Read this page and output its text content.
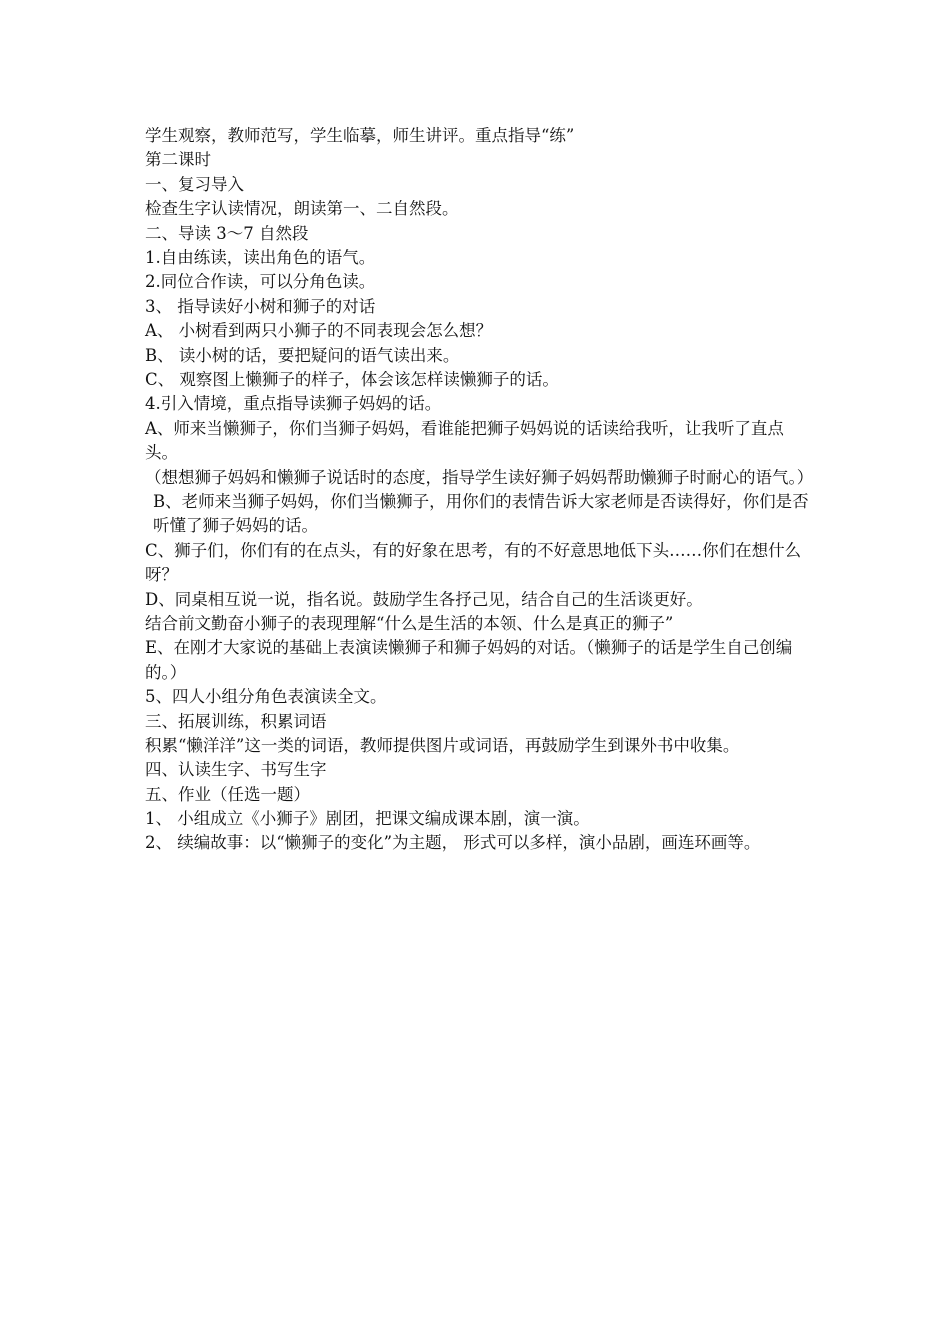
学生观察，教师范写，学生临摹，师生讲评。重点指导“练”
第二课时
一、复习导入
检查生字认读情况，朗读第一、二自然段。
二、导读 3～7 自然段
1.自由练读，读出角色的语气。
2.同位合作读，可以分角色读。
3、 指导读好小树和狮子的对话
A、 小树看到两只小狮子的不同表现会怎么想？
B、 读小树的话，要把疑问的语气读出来。
C、 观察图上懒狮子的样子，体会该怎样读懒狮子的话。
4.引入情境，重点指导读狮子妈妈的话。
A、师来当懒狮子，你们当狮子妈妈，看谁能把狮子妈妈说的话读给我听，让我听了直点头。
（想想狮子妈妈和懒狮子说话时的态度，指导学生读好狮子妈妈帮助懒狮子时耐心的语气。）
B、老师来当狮子妈妈，你们当懒狮子，用你们的表情告诉大家老师是否读得好，你们是否听懂了狮子妈妈的话。
C、狮子们，你们有的在点头，有的好象在思考，有的不好意思地低下头……你们在想什么呀？
D、同桌相互说一说，指名说。鼓励学生各抒己见，结合自己的生活谈更好。
结合前文勤奋小狮子的表现理解“什么是生活的本领、什么是真正的狮子”
E、在刚才大家说的基础上表演读懒狮子和狮子妈妈的对话。（懒狮子的话是学生自己创编的。）
5、四人小组分角色表演读全文。
三、拓展训练，积累词语
积累“懒洋洋”这一类的词语，教师提供图片或词语，再鼓励学生到课外书中收集。
四、认读生字、书写生字
五、作业（任选一题）
1、 小组成立《小狮子》剧团，把课文编成课本剧，演一演。
2、 续编故事：以“懒狮子的变化”为主题， 形式可以多样，演小品剧，画连环画等。
